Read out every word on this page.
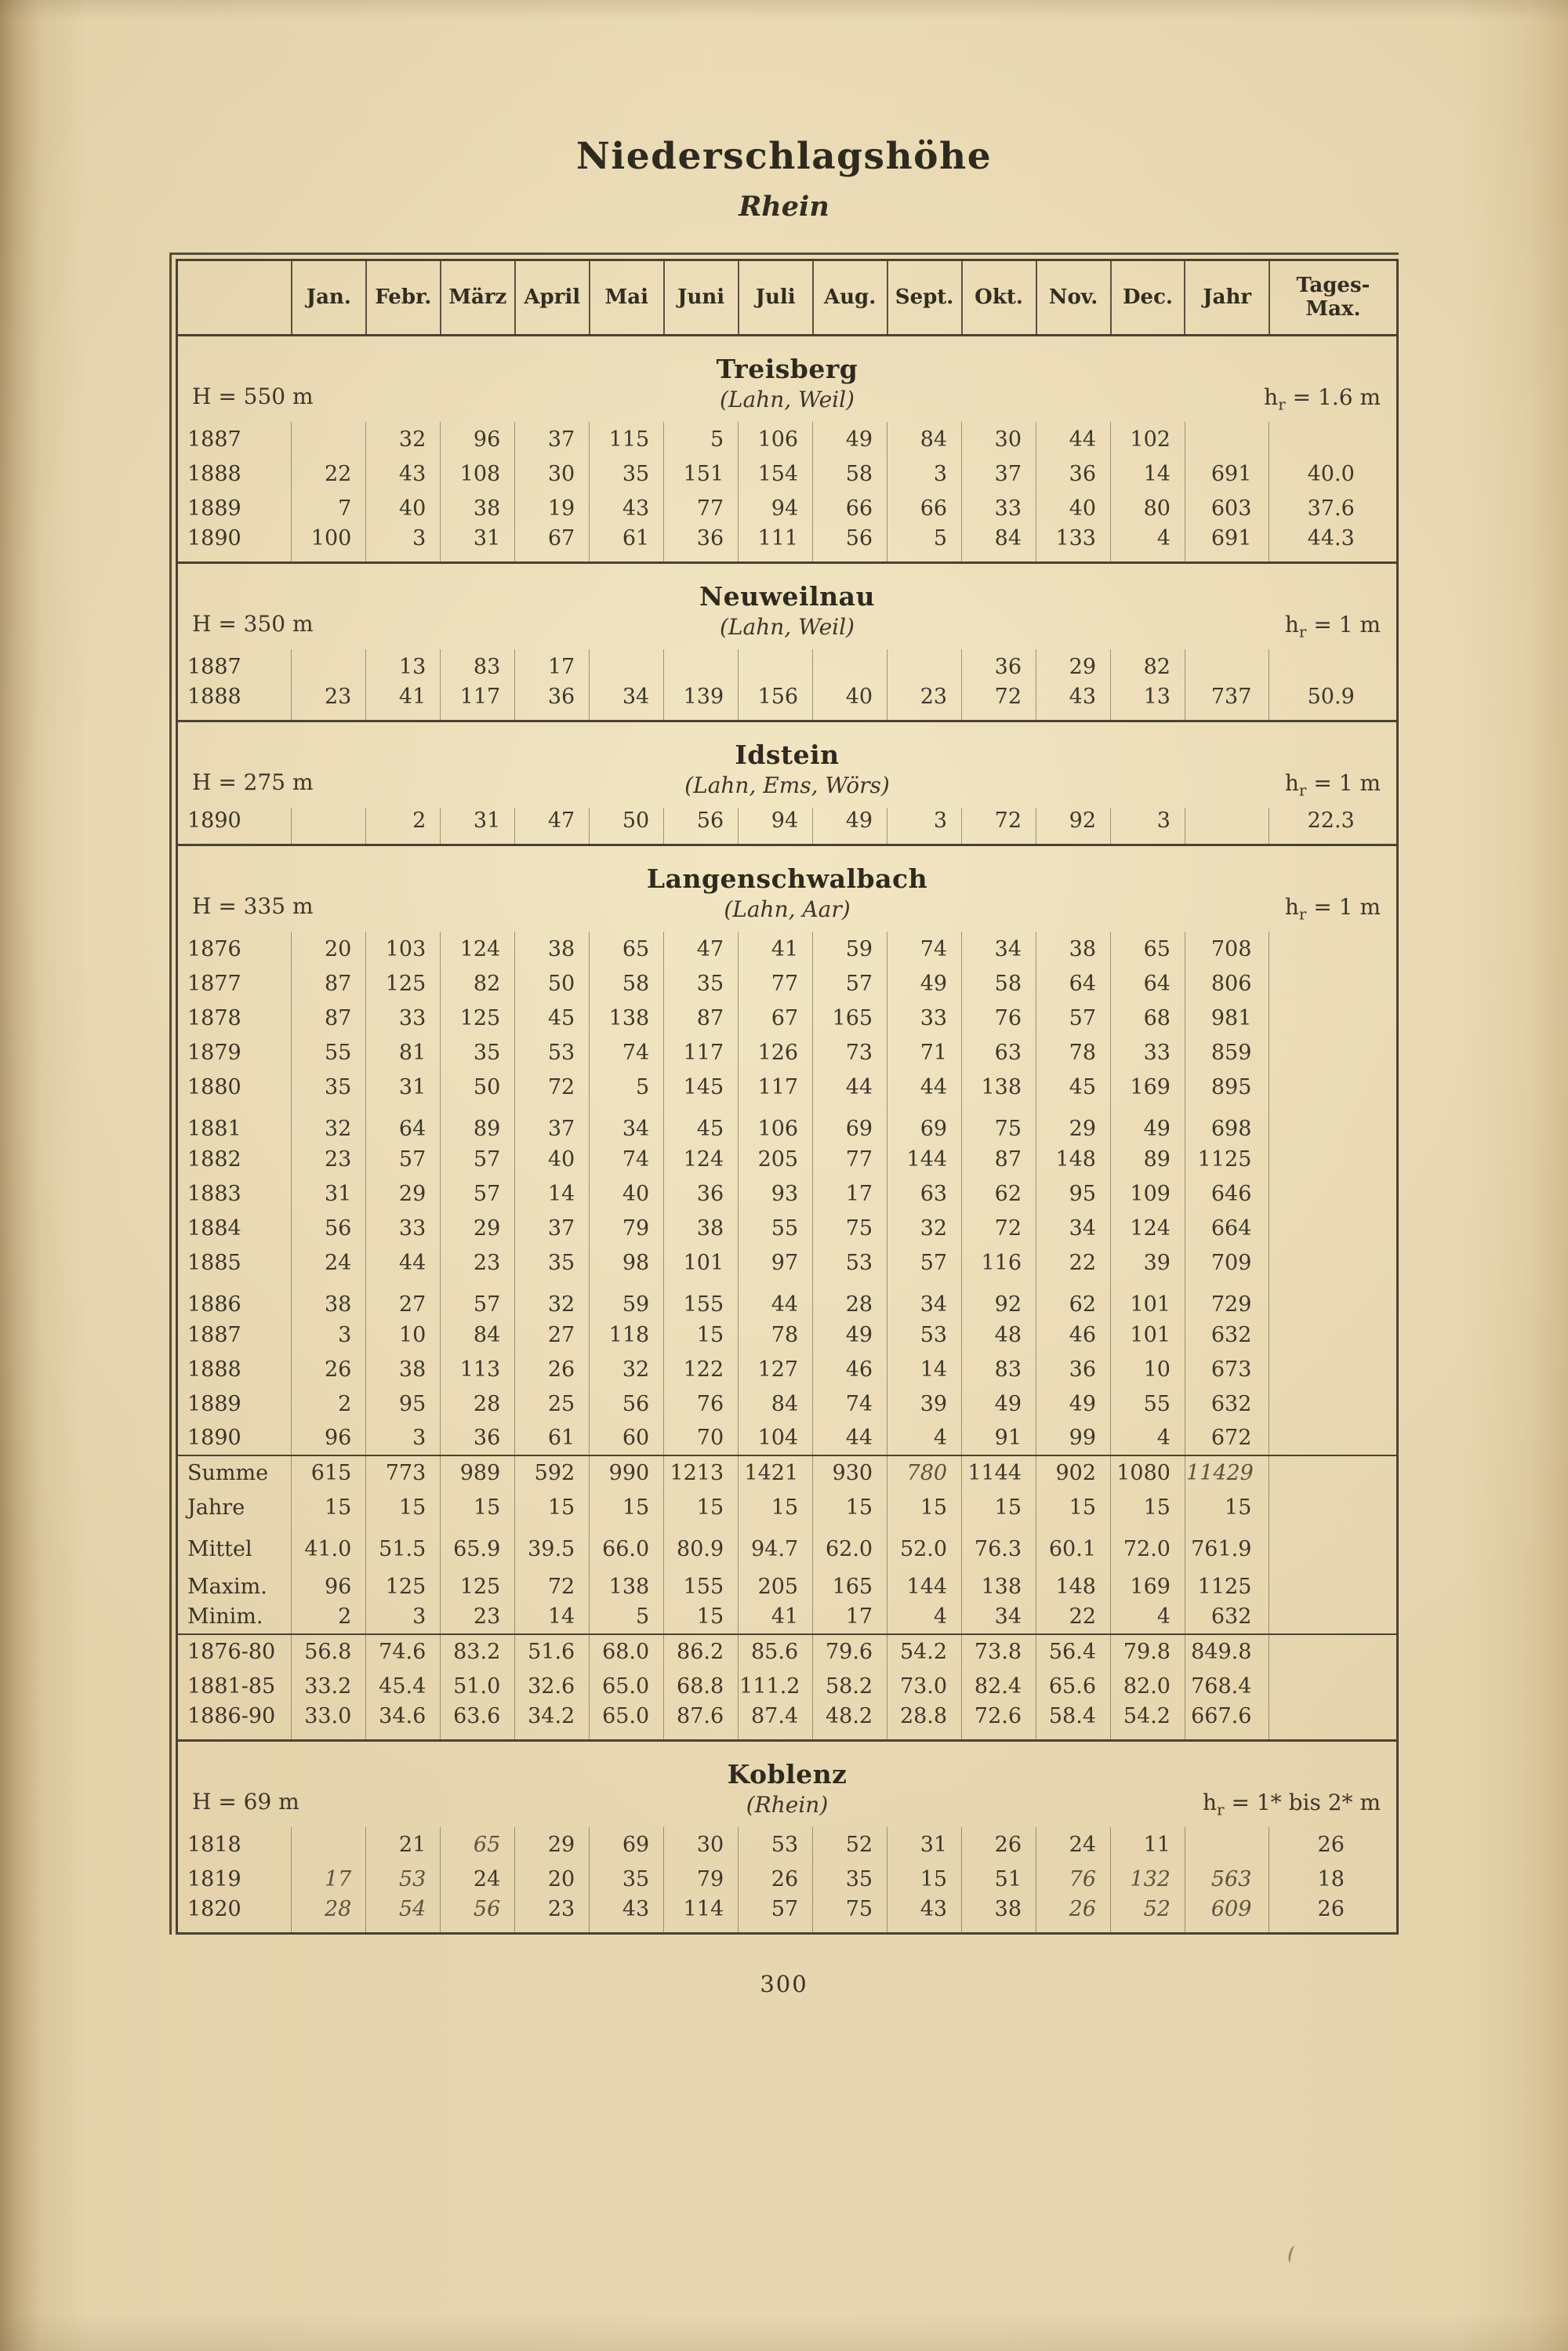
Niederschlagshöhe
Rhein
	Jan.	Febr.	März	April	Mai	Juni	Juli	Aug.	Sept.	Okt.	Nov.	Dec.	Jahr	Tages-
Max.

Treisberg
(Lahn, Weil)
H = 550 m $h_r = 1.6$ m														

1887		32	96	37	115	5	106	49	84	30	44	102		
1888	22	43	108	30	35	151	154	58	3	37	36	14	691	40.0
1889	7	40	38	19	43	77	94	66	66	33	40	80	603	37.6
1890	100	3	31	67	61	36	111	56	5	84	133	4	691	44.3

Neuweilnau
(Lahn, Weil)
H = 350 m $h_r = 1$ m														

1887		13	83	17						36	29	82		
1888	23	41	117	36	34	139	156	40	23	72	43	13	737	50.9

Idstein
(Lahn, Ems, Wörs)
H = 275 m $h_r = 1$ m														

1890		2	31	47	50	56	94	49	3	72	92	3		22.3

Langenschwalbach
(Lahn, Aar)
H = 335 m $h_r = 1$ m														

1876	20	103	124	38	65	47	41	59	74	34	38	65	708	
1877	87	125	82	50	58	35	77	57	49	58	64	64	806	
1878	87	33	125	45	138	87	67	165	33	76	57	68	981	
1879	55	81	35	53	74	117	126	73	71	63	78	33	859	
1880	35	31	50	72	5	145	117	44	44	138	45	169	895	
1881	32	64	89	37	34	45	106	69	69	75	29	49	698	
1882	23	57	57	40	74	124	205	77	144	87	148	89	1125	
1883	31	29	57	14	40	36	93	17	63	62	95	109	646	
1884	56	33	29	37	79	38	55	75	32	72	34	124	664	
1885	24	44	23	35	98	101	97	53	57	116	22	39	709	
1886	38	27	57	32	59	155	44	28	34	92	62	101	729	
1887	3	10	84	27	118	15	78	49	53	48	46	101	632	
1888	26	38	113	26	32	122	127	46	14	83	36	10	673	
1889	2	95	28	25	56	76	84	74	39	49	49	55	632	
1890	96	3	36	61	60	70	104	44	4	91	99	4	672	
Summe	615	773	989	592	990	1213	1421	930	780	1144	902	1080	11429	
Jahre	15	15	15	15	15	15	15	15	15	15	15	15	15	
Mittel	41.0	51.5	65.9	39.5	66.0	80.9	94.7	62.0	52.0	76.3	60.1	72.0	761.9	
Maxim.	96	125	125	72	138	155	205	165	144	138	148	169	1125	
Minim.	2	3	23	14	5	15	41	17	4	34	22	4	632	
1876-80	56.8	74.6	83.2	51.6	68.0	86.2	85.6	79.6	54.2	73.8	56.4	79.8	849.8	
1881-85	33.2	45.4	51.0	32.6	65.0	68.8	111.2	58.2	73.0	82.4	65.6	82.0	768.4	
1886-90	33.0	34.6	63.6	34.2	65.0	87.6	87.4	48.2	28.8	72.6	58.4	54.2	667.6	

Koblenz
(Rhein)
H = 69 m $h_r = 1*$ bis 2* m														

1818		21	65	29	69	30	53	52	31	26	24	11		26
1819	17	53	24	20	35	79	26	35	15	51	76	132	563	18
1820	28	54	56	23	43	114	57	75	43	38	26	52	609	26
300
